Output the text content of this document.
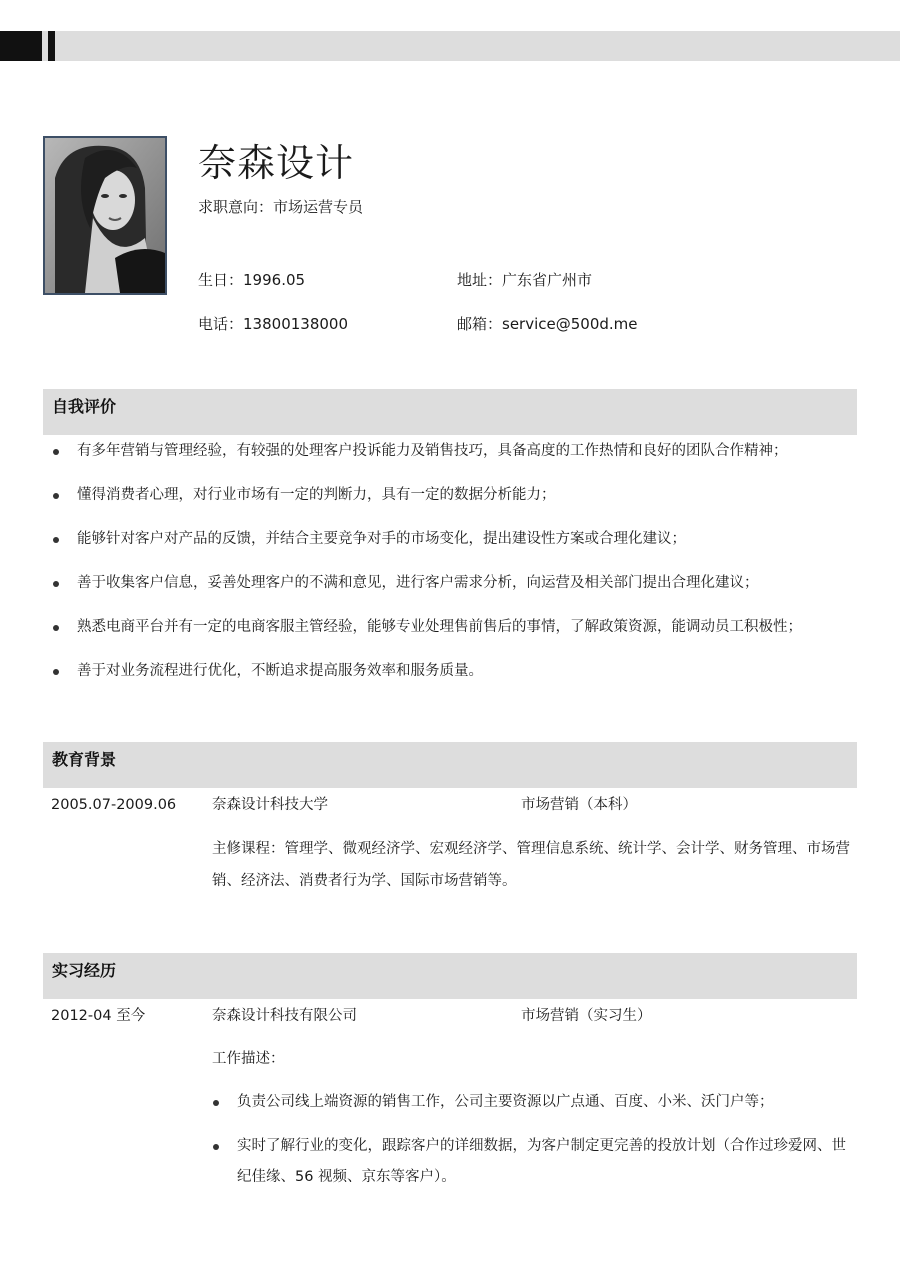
奈森设计
求职意向：市场运营专员
生日：1996.05	地址：广东省广州市
电话：13800138000	邮箱：service@500d.me
自我评价
有多年营销与管理经验，有较强的处理客户投诉能力及销售技巧，具备高度的工作热情和良好的团队合作精神；
懂得消费者心理，对行业市场有一定的判断力，具有一定的数据分析能力；
能够针对客户对产品的反馈，并结合主要竞争对手的市场变化，提出建设性方案或合理化建议；
善于收集客户信息，妥善处理客户的不满和意见，进行客户需求分析，向运营及相关部门提出合理化建议；
熟悉电商平台并有一定的电商客服主管经验，能够专业处理售前售后的事情，了解政策资源，能调动员工积极性；
善于对业务流程进行优化，不断追求提高服务效率和服务质量。
教育背景
2005.07-2009.06 奈森设计科技大学	市场营销（本科）
主修课程：管理学、微观经济学、宏观经济学、管理信息系统、统计学、会计学、财务管理、市场营销、经济法、消费者行为学、国际市场营销等。
实习经历
2012-04 至今	奈森设计科技有限公司	市场营销（实习生）
工作描述：
负责公司线上端资源的销售工作，公司主要资源以广点通、百度、小米、沃门户等；
实时了解行业的变化，跟踪客户的详细数据，为客户制定更完善的投放计划（合作过珍爱网、世纪佳缘、56 视频、京东等客户）。
